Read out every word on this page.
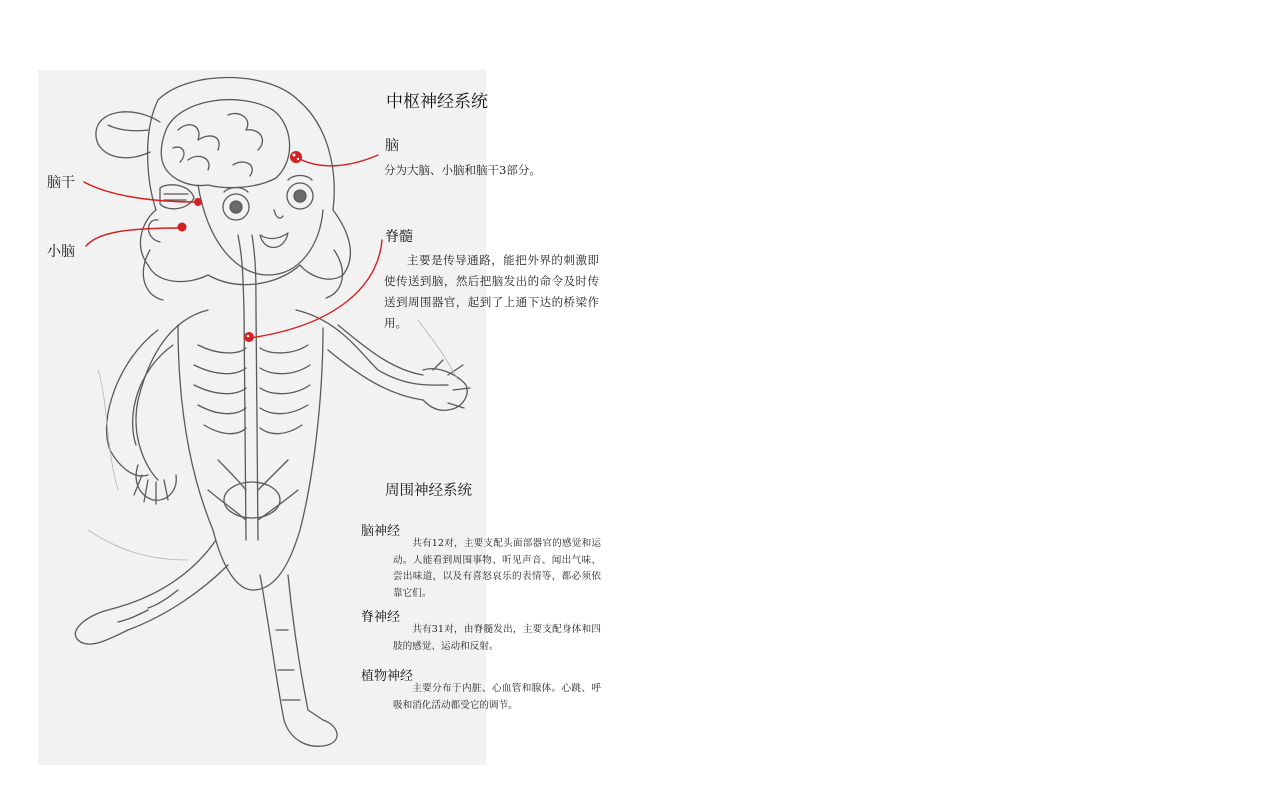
中枢神经系统
脑
分为大脑、小脑和脑干3部分。
脊髓
主要是传导通路，能把外界的刺激即使传送到脑，然后把脑发出的命令及时传送到周围器官，起到了上通下达的桥梁作用。
脑干
小脑
周围神经系统
脑神经
共有12对，主要支配头面部器官的感觉和运动。人能看到周围事物、听见声音、闻出气味、尝出味道，以及有喜怒哀乐的表情等，都必须依靠它们。
脊神经
共有31对，由脊髓发出，主要支配身体和四肢的感觉、运动和反射。
植物神经
主要分布于内脏、心血管和腺体。心跳、呼吸和消化活动都受它的调节。
